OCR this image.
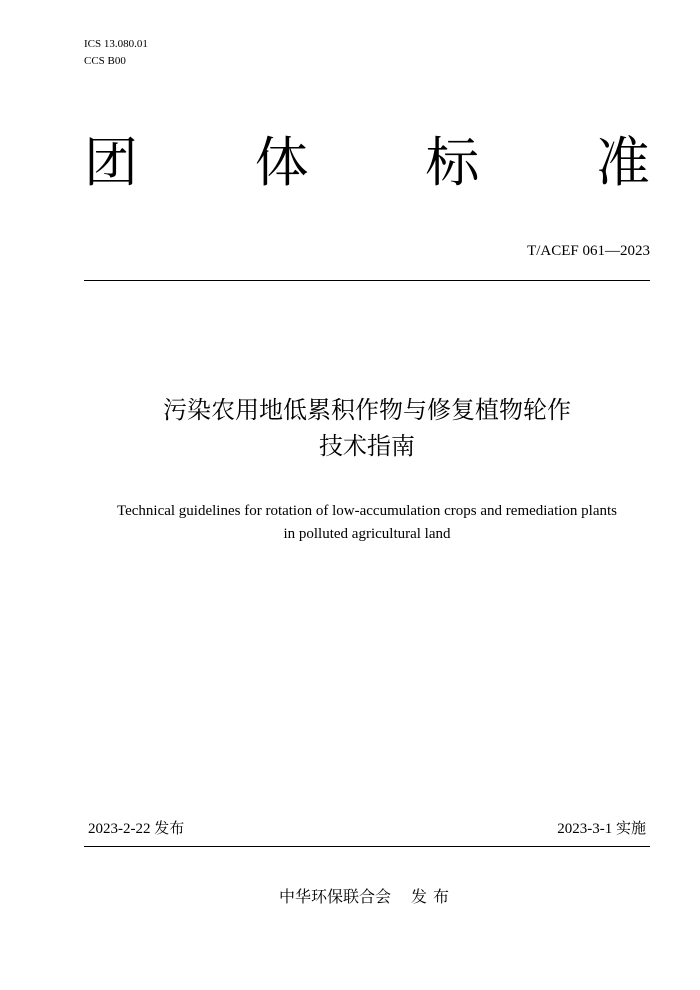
ICS 13.080.01
CCS B00
团 体 标 准
T/ACEF 061—2023
污染农用地低累积作物与修复植物轮作
技术指南
Technical guidelines for rotation of low-accumulation crops and remediation plants
in polluted agricultural land
2023-2-22 发布	2023-3-1 实施
中华环保联合会 发布
